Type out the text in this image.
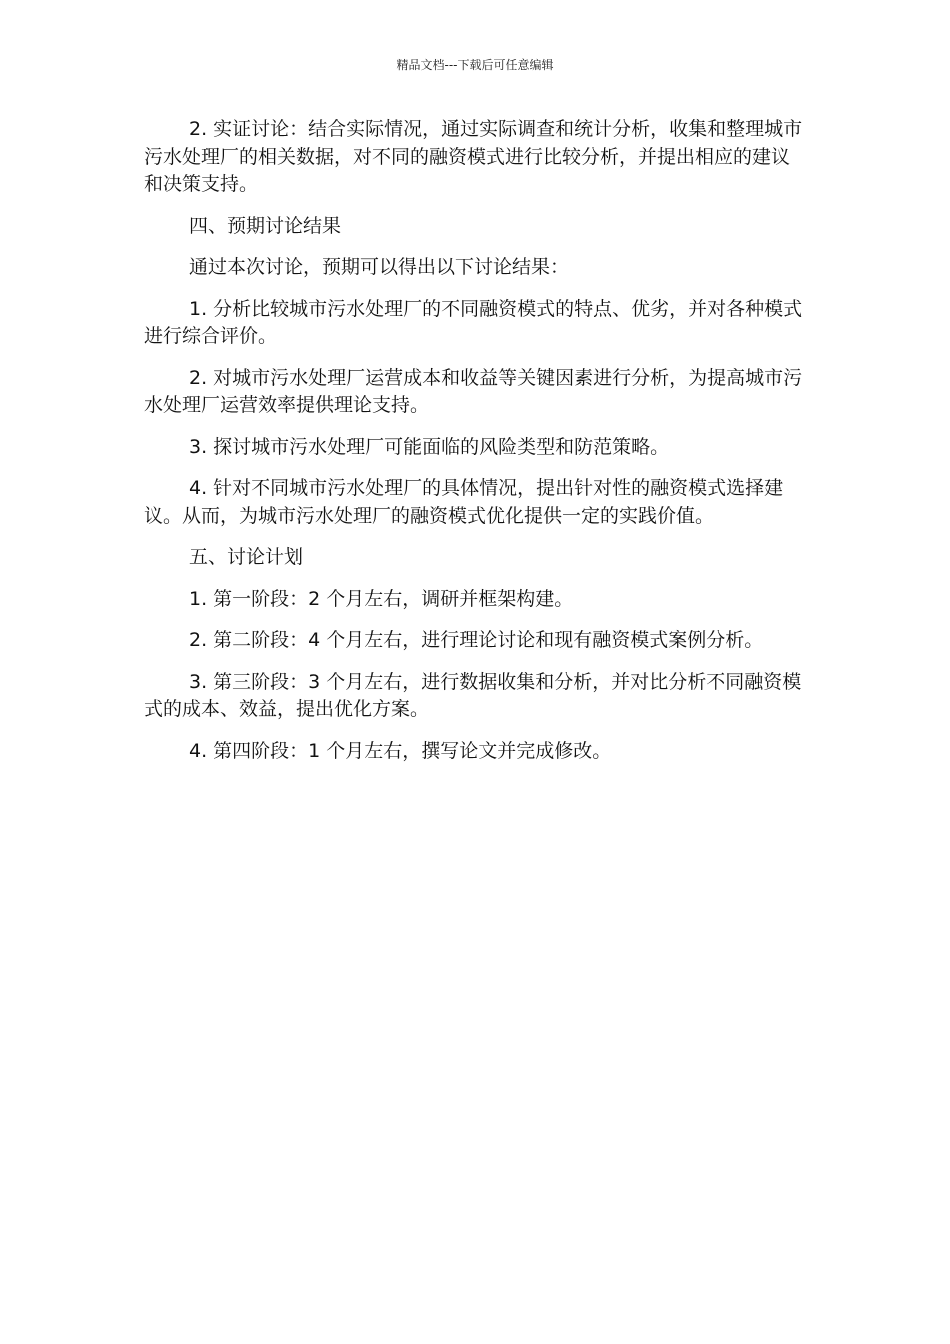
精品文档---下载后可任意编辑

2. 实证讨论：结合实际情况，通过实际调查和统计分析，收集和整理城市污水处理厂的相关数据，对不同的融资模式进行比较分析，并提出相应的建议和决策支持。

四、预期讨论结果

通过本次讨论，预期可以得出以下讨论结果：

1. 分析比较城市污水处理厂的不同融资模式的特点、优劣，并对各种模式进行综合评价。

2. 对城市污水处理厂运营成本和收益等关键因素进行分析，为提高城市污水处理厂运营效率提供理论支持。

3. 探讨城市污水处理厂可能面临的风险类型和防范策略。

4. 针对不同城市污水处理厂的具体情况，提出针对性的融资模式选择建议。从而，为城市污水处理厂的融资模式优化提供一定的实践价值。

五、讨论计划

1. 第一阶段：2 个月左右，调研并框架构建。

2. 第二阶段：4 个月左右，进行理论讨论和现有融资模式案例分析。

3. 第三阶段：3 个月左右，进行数据收集和分析，并对比分析不同融资模式的成本、效益，提出优化方案。

4. 第四阶段：1 个月左右，撰写论文并完成修改。
